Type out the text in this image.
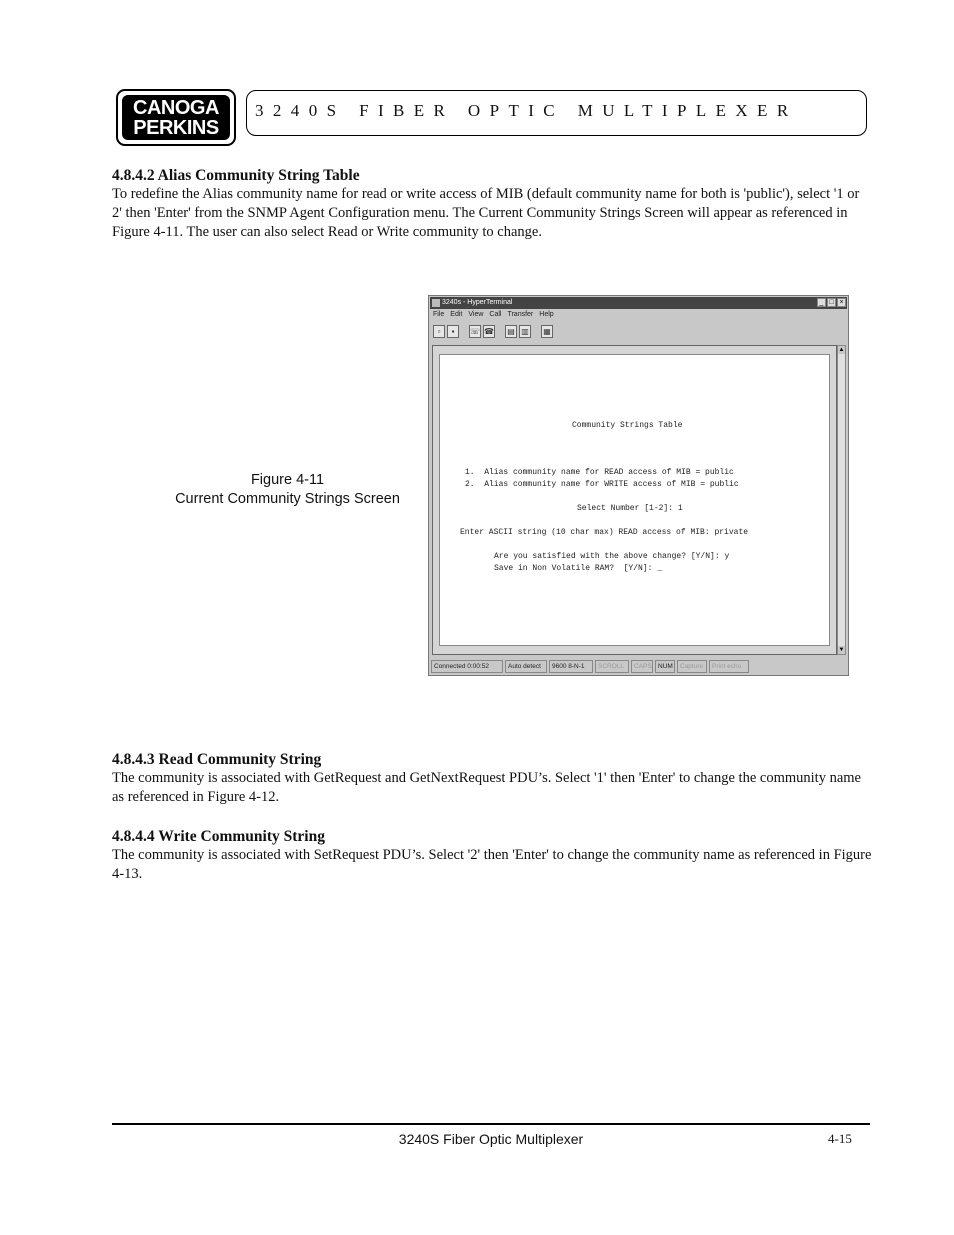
CANOGA
PERKINS
3240S FIBER OPTIC MULTIPLEXER

4.8.4.2 Alias Community String Table

To redefine the Alias community name for read or write access of MIB (default community name for both is 'public'), select '1 or 2' then 'Enter' from the SNMP Agent Configuration menu. The Current Community Strings Screen will appear as referenced in Figure 4-11. The user can also select Read or Write community to change.

Figure 4-11
Current Community Strings Screen
3240s - HyperTerminal	_ □ ×
File Edit View Call Transfer Help
▫	▪	☏ ☎ ▤ ▥ ▦
Community Strings Table
1.  Alias community name for READ access of MIB = public
2.  Alias community name for WRITE access of MIB = public
Select Number [1-2]: 1
Enter ASCII string (10 char max) READ access of MIB: private
Are you satisfied with the above change? [Y/N]: y
Save in Non Volatile RAM?  [Y/N]: _
▲
▼
Connected 0:00:52	Auto detect	9600 8-N-1	SCROLL	CAPS NUM	Capture	Print echo

4.8.4.3 Read Community String

The community is associated with GetRequest and GetNextRequest PDU’s. Select '1' then 'Enter' to change the community name as referenced in Figure 4-12.

4.8.4.4 Write Community String

The community is associated with SetRequest PDU’s. Select '2' then 'Enter' to change the community name as referenced in Figure 4-13.

3240S Fiber Optic Multiplexer	4-15
